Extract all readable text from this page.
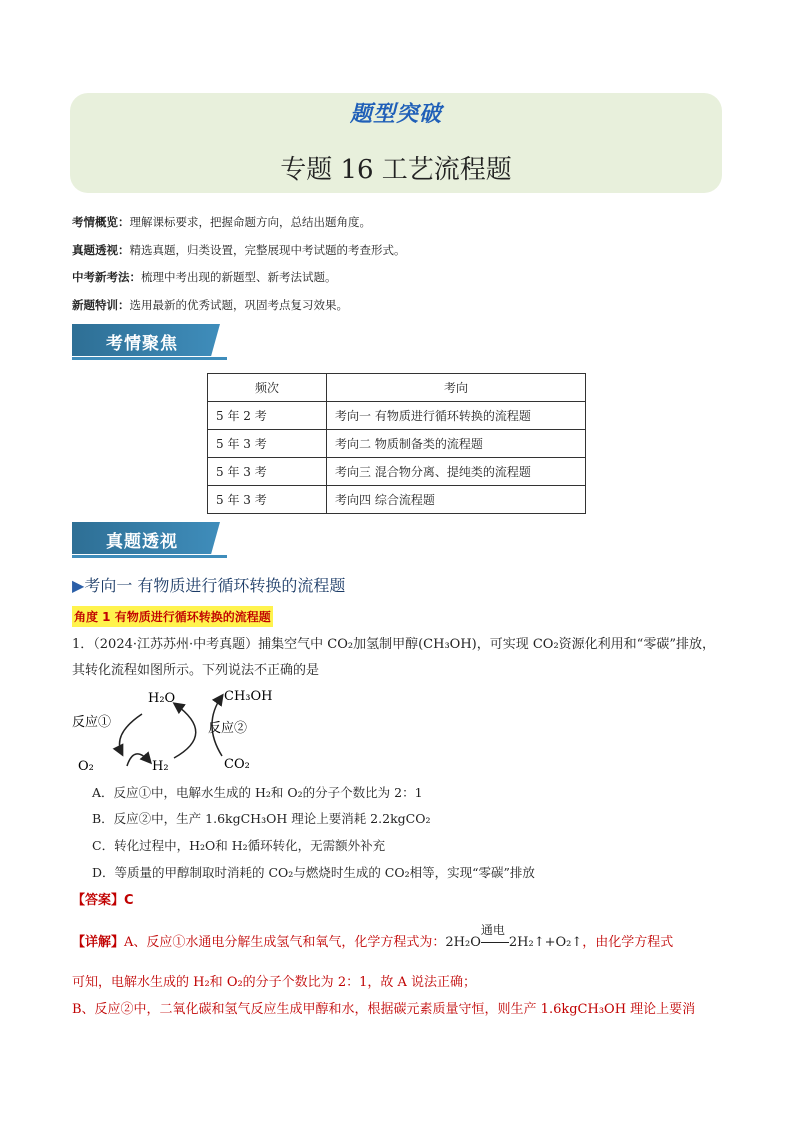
题型突破
专题 16 工艺流程题
考情概览：理解课标要求，把握命题方向，总结出题角度。
真题透视：精选真题，归类设置，完整展现中考试题的考查形式。
中考新考法：梳理中考出现的新题型、新考法试题。
新题特训：选用最新的优秀试题，巩固考点复习效果。
考情聚焦
频次	考向
5 年 2 考	考向一 有物质进行循环转换的流程题
5 年 3 考	考向二 物质制备类的流程题
5 年 3 考	考向三 混合物分离、提纯类的流程题
5 年 3 考	考向四 综合流程题
真题透视
▶考向一 有物质进行循环转换的流程题
角度 1 有物质进行循环转换的流程题
1．（2024·江苏苏州·中考真题）捕集空气中 CO₂加氢制甲醇(CH₃OH)，可实现 CO₂资源化利用和“零碳”排放，
其转化流程如图所示。下列说法不正确的是
反应①
H₂O	CH₃OH
反应②
O₂	H₂	CO₂
A．反应①中，电解水生成的 H₂和 O₂的分子个数比为 2：1
B．反应②中，生产 1.6kgCH₃OH 理论上要消耗 2.2kgCO₂
C．转化过程中，H₂O和 H₂循环转化，无需额外补充
D．等质量的甲醇制取时消耗的 CO₂与燃烧时生成的 CO₂相等，实现“零碳”排放
【答案】C
【详解】A、反应①水通电分解生成氢气和氧气，化学方程式为：2H₂O
通电
2H₂↑+O₂↑，由化学方程式
可知，电解水生成的 H₂和 O₂的分子个数比为 2：1，故 A 说法正确；
B、反应②中，二氧化碳和氢气反应生成甲醇和水，根据碳元素质量守恒，则生产 1.6kgCH₃OH 理论上要消
